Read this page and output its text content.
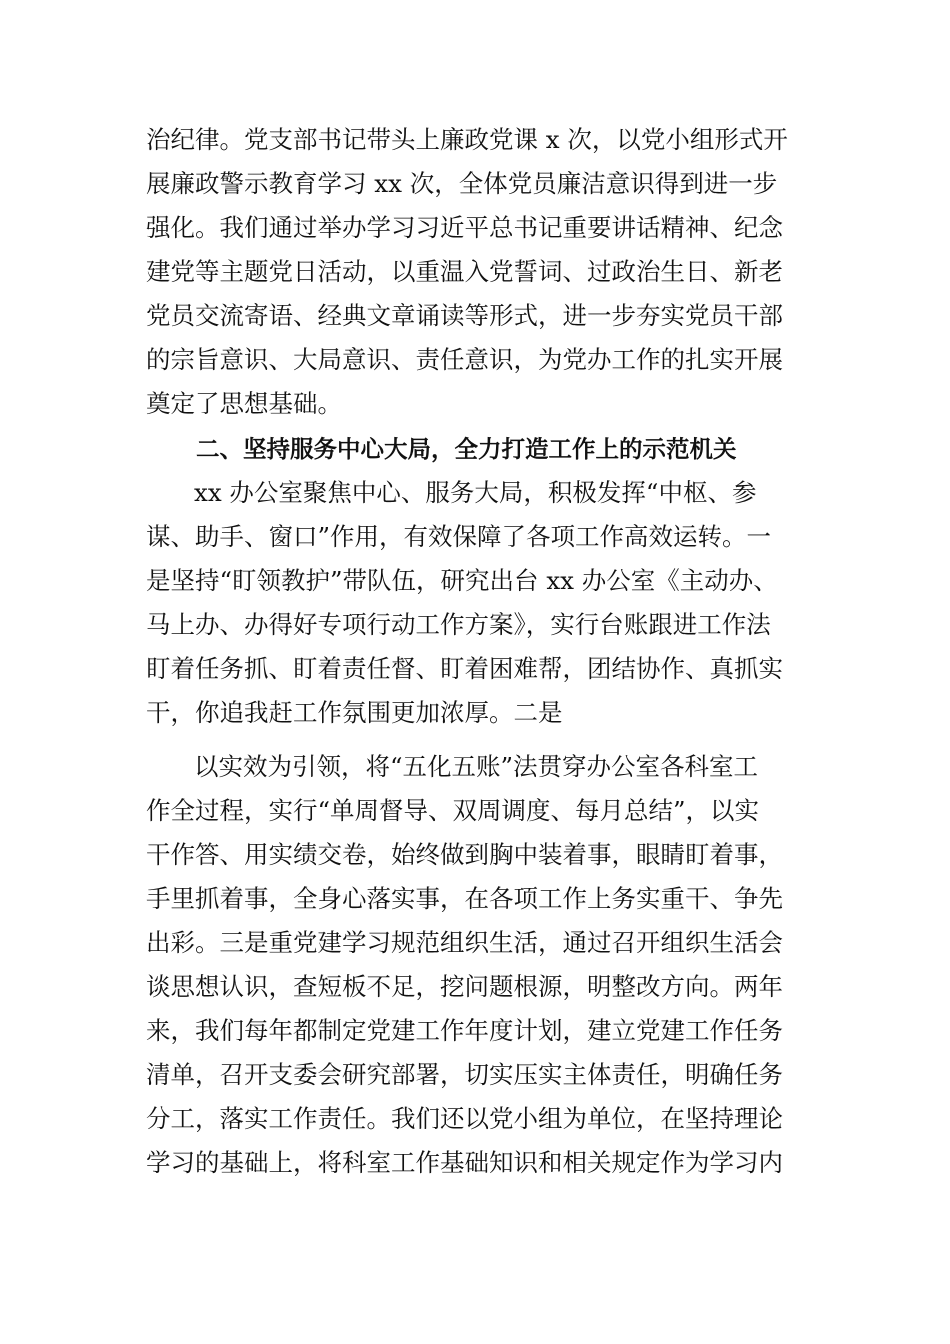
治纪律。党支部书记带头上廉政党课 x 次，以党小组形式开
展廉政警示教育学习 xx 次，全体党员廉洁意识得到进一步
强化。我们通过举办学习习近平总书记重要讲话精神、纪念
建党等主题党日活动，以重温入党誓词、过政治生日、新老
党员交流寄语、经典文章诵读等形式，进一步夯实党员干部
的宗旨意识、大局意识、责任意识，为党办工作的扎实开展
奠定了思想基础。
二、坚持服务中心大局，全力打造工作上的示范机关
xx 办公室聚焦中心、服务大局，积极发挥“中枢、参
谋、助手、窗口”作用，有效保障了各项工作高效运转。一
是坚持“盯领教护”带队伍，研究出台 xx 办公室《主动办、
马上办、办得好专项行动工作方案》，实行台账跟进工作法
盯着任务抓、盯着责任督、盯着困难帮，团结协作、真抓实
干，你追我赶工作氛围更加浓厚。二是
以实效为引领，将“五化五账”法贯穿办公室各科室工
作全过程，实行“单周督导、双周调度、每月总结”，以实
干作答、用实绩交卷，始终做到胸中装着事，眼睛盯着事，
手里抓着事，全身心落实事，在各项工作上务实重干、争先
出彩。三是重党建学习规范组织生活，通过召开组织生活会
谈思想认识，查短板不足，挖问题根源，明整改方向。两年
来，我们每年都制定党建工作年度计划，建立党建工作任务
清单，召开支委会研究部署，切实压实主体责任，明确任务
分工，落实工作责任。我们还以党小组为单位，在坚持理论
学习的基础上，将科室工作基础知识和相关规定作为学习内
